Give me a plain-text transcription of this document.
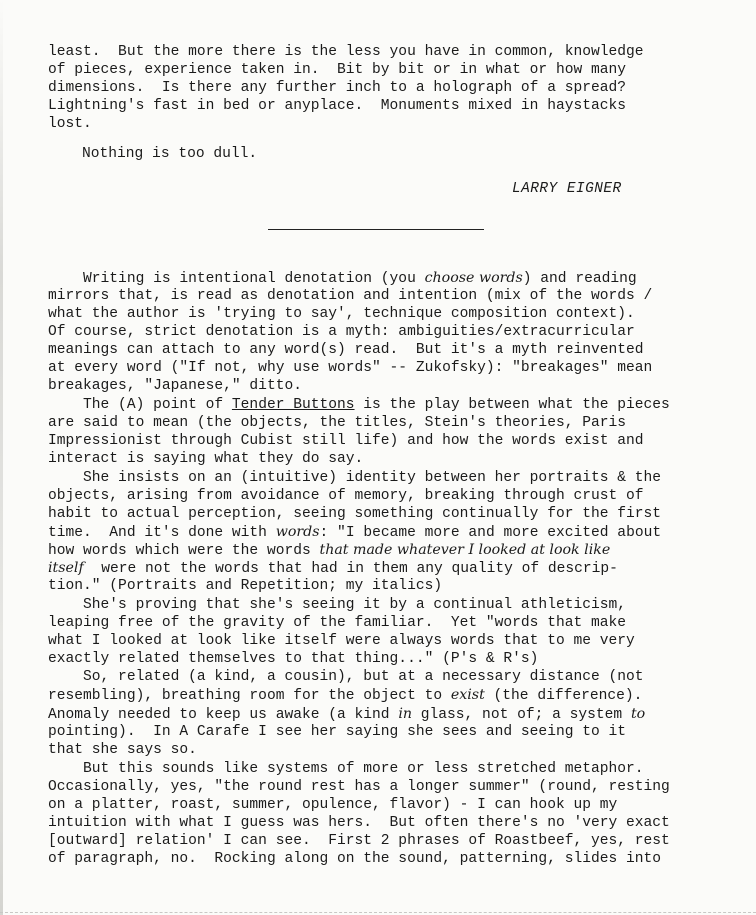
least.  But the more there is the less you have in common, knowledge
of pieces, experience taken in.  Bit by bit or in what or how many
dimensions.  Is there any further inch to a holograph of a spread?
Lightning's fast in bed or anyplace.  Monuments mixed in haystacks
lost.
Nothing is too dull.
LARRY EIGNER
Writing is intentional denotation (you choose words) and reading
mirrors that, is read as denotation and intention (mix of the words /
what the author is 'trying to say', technique composition context).
Of course, strict denotation is a myth: ambiguities/extracurricular
meanings can attach to any word(s) read.  But it's a myth reinvented
at every word ("If not, why use words" -- Zukofsky): "breakages" mean
breakages, "Japanese," ditto.
The (A) point of Tender Buttons is the play between what the pieces
are said to mean (the objects, the titles, Stein's theories, Paris
Impressionist through Cubist still life) and how the words exist and
interact is saying what they do say.
She insists on an (intuitive) identity between her portraits & the
objects, arising from avoidance of memory, breaking through crust of
habit to actual perception, seeing something continually for the first
time.  And it's done with words: "I became more and more excited about
how words which were the words that made whatever I looked at look like
itself  were not the words that had in them any quality of descrip-
tion." (Portraits and Repetition; my italics)
She's proving that she's seeing it by a continual athleticism,
leaping free of the gravity of the familiar.  Yet "words that make
what I looked at look like itself were always words that to me very
exactly related themselves to that thing..." (P's & R's)
So, related (a kind, a cousin), but at a necessary distance (not
resembling), breathing room for the object to exist (the difference).
Anomaly needed to keep us awake (a kind in glass, not of; a system to
pointing).  In A Carafe I see her saying she sees and seeing to it
that she says so.
But this sounds like systems of more or less stretched metaphor.
Occasionally, yes, "the round rest has a longer summer" (round, resting
on a platter, roast, summer, opulence, flavor) - I can hook up my
intuition with what I guess was hers.  But often there's no 'very exact
[outward] relation' I can see.  First 2 phrases of Roastbeef, yes, rest
of paragraph, no.  Rocking along on the sound, patterning, slides into
